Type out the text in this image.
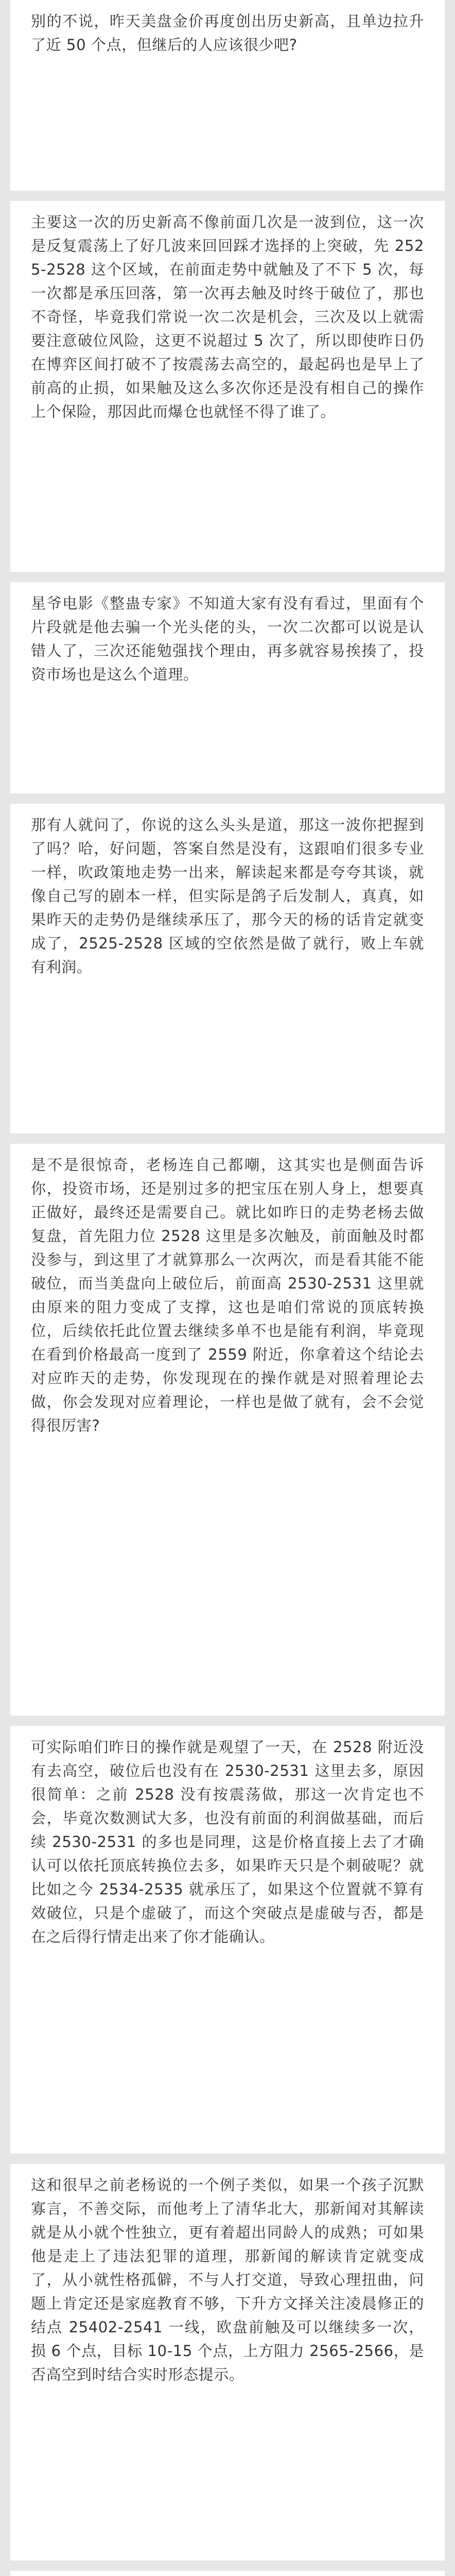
别的不说，昨天美盘金价再度创出历史新高，且单边拉升了近 50 个点，但继后的人应该很少吧?

主要这一次的历史新高不像前面几次是一波到位，这一次是反复震荡上了好几波来回回踩才选择的上突破，先 2525-2528 这个区域，在前面走势中就触及了不下 5 次，每一次都是承压回落，第一次再去触及时终于破位了，那也不奇怪，毕竟我们常说一次二次是机会，三次及以上就需要注意破位风险，这更不说超过 5 次了，所以即使昨日仍在博弈区间打破不了按震荡去高空的，最起码也是早上了前高的止损，如果触及这么多次你还是没有相自己的操作上个保险，那因此而爆仓也就怪不得了谁了。

星爷电影《整蛊专家》不知道大家有没有看过，里面有个片段就是他去骗一个光头佬的头，一次二次都可以说是认错人了，三次还能勉强找个理由，再多就容易挨揍了，投资市场也是这么个道理。

那有人就问了，你说的这么头头是道，那这一波你把握到了吗？哈，好问题，答案自然是没有，这跟咱们很多专业一样，吹政策地走势一出来，解读起来都是夸夸其谈，就像自己写的剧本一样，但实际是鸽子后发制人，真真，如果昨天的走势仍是继续承压了，那今天的杨的话肯定就变成了，2525-2528 区域的空依然是做了就行，败上车就有利润。

是不是很惊奇，老杨连自己都嘲，这其实也是侧面告诉你，投资市场，还是别过多的把宝压在别人身上，想要真正做好，最终还是需要自己。就比如昨日的走势老杨去做复盘，首先阻力位 2528 这里是多次触及，前面触及时都没参与，到这里了才就算那么一次两次，而是看其能不能破位，而当美盘向上破位后，前面高 2530-2531 这里就由原来的阻力变成了支撑，这也是咱们常说的顶底转换位，后续依托此位置去继续多单不也是能有利润，毕竟现在看到价格最高一度到了 2559 附近，你拿着这个结论去对应昨天的走势，你发现现在的操作就是对照着理论去做，你会发现对应着理论，一样也是做了就有，会不会觉得很厉害?

可实际咱们昨日的操作就是观望了一天，在 2528 附近没有去高空，破位后也没有在 2530-2531 这里去多，原因很简单：之前 2528 没有按震荡做，那这一次肯定也不会，毕竟次数测试大多，也没有前面的利润做基础，而后续 2530-2531 的多也是同理，这是价格直接上去了才确认可以依托顶底转换位去多，如果昨天只是个刺破呢？就比如之今 2534-2535 就承压了，如果这个位置就不算有效破位，只是个虚破了，而这个突破点是虚破与否，都是在之后得行情走出来了你才能确认。

这和很早之前老杨说的一个例子类似，如果一个孩子沉默寡言，不善交际，而他考上了清华北大，那新闻对其解读就是从小就个性独立，更有着超出同龄人的成熟；可如果他是走上了违法犯罪的道理，那新闻的解读肯定就变成了，从小就性格孤僻，不与人打交道，导致心理扭曲，问题上肯定还是家庭教育不够，下升方文择关注凌晨修正的结点 25402-2541 一线，欧盘前触及可以继续多一次，损 6 个点，目标 10-15 个点，上方阻力 2565-2566，是否高空到时结合实时形态提示。
